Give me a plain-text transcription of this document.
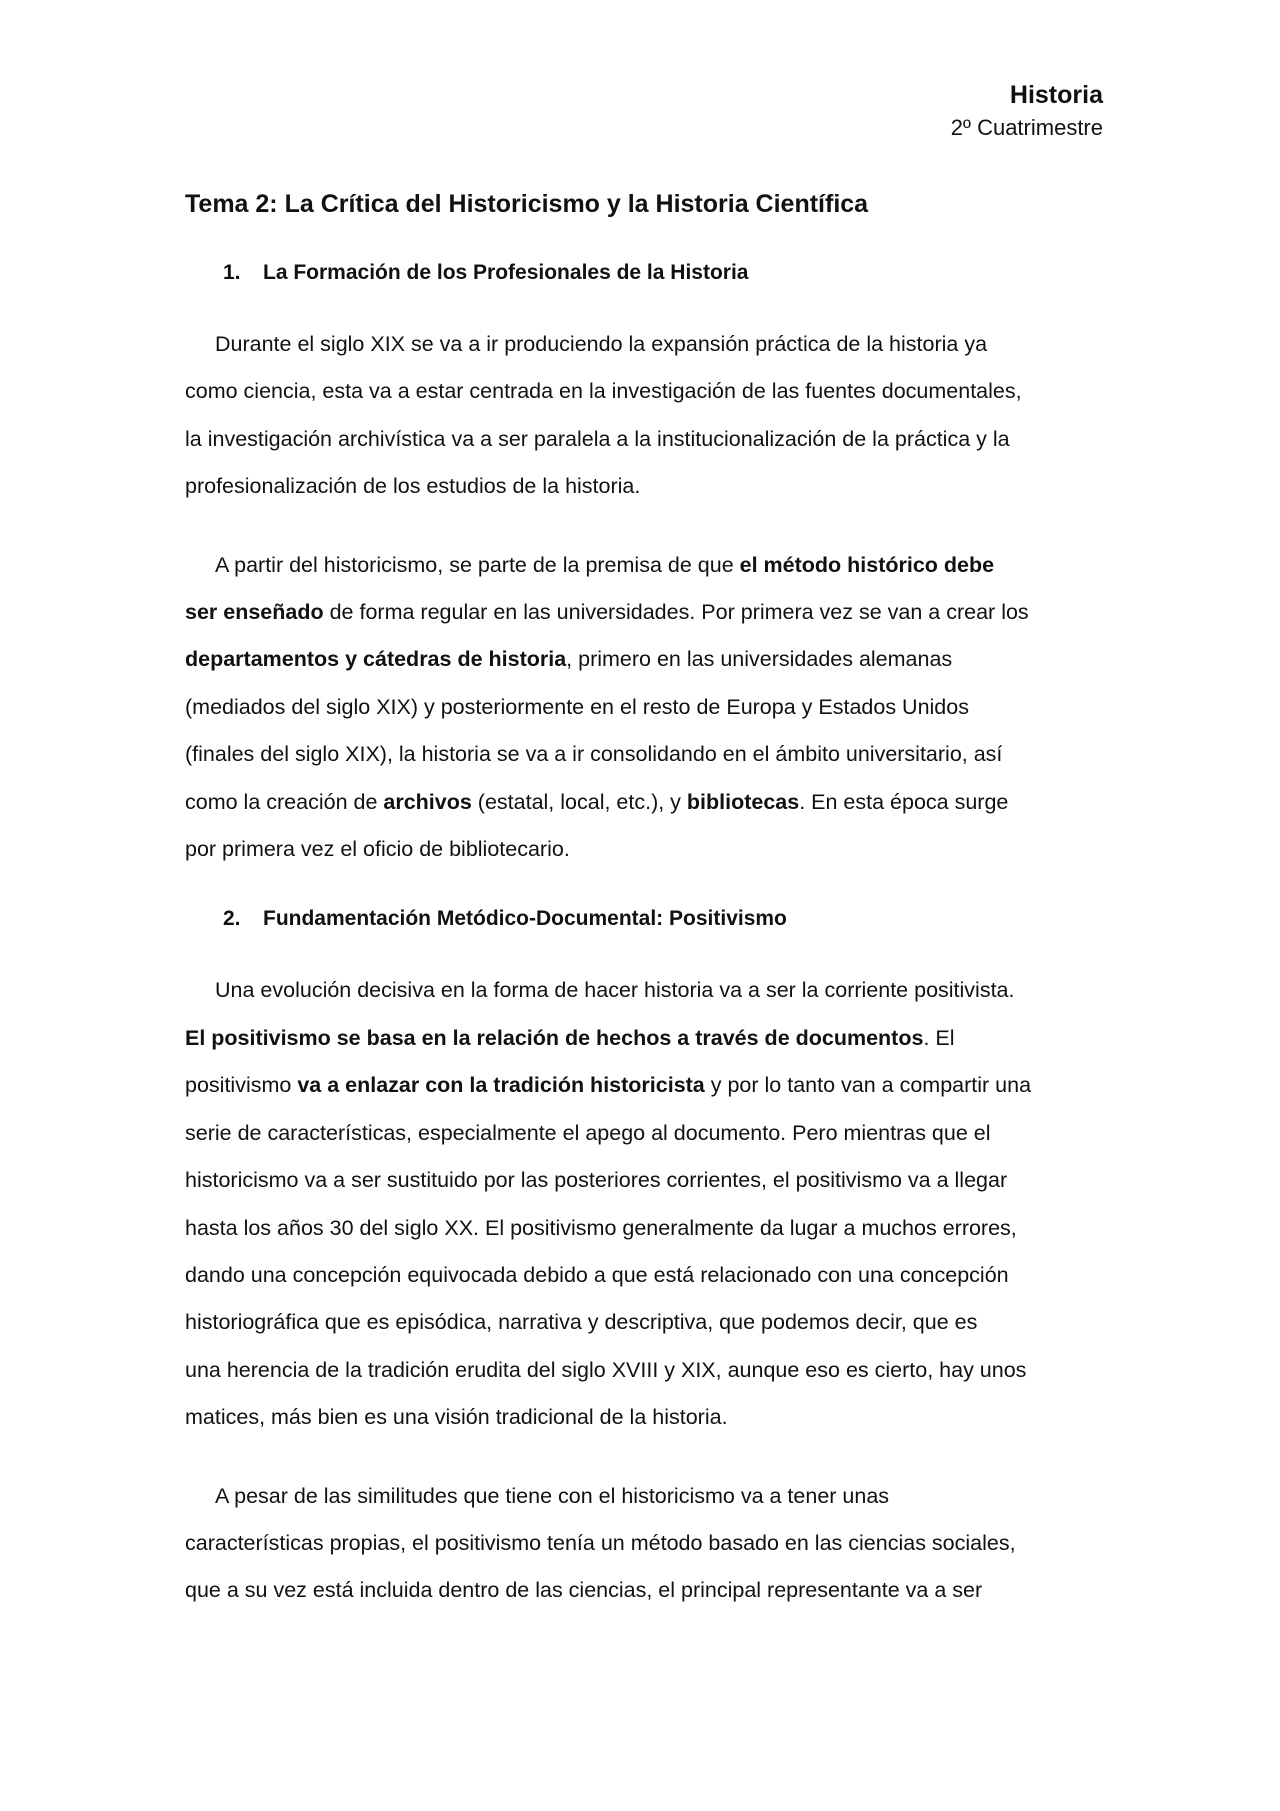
Historia
2º Cuatrimestre
Tema 2: La Crítica del Historicismo y la Historia Científica
1. La Formación de los Profesionales de la Historia
Durante el siglo XIX se va a ir produciendo la expansión práctica de la historia ya
como ciencia, esta va a estar centrada en la investigación de las fuentes documentales,
la investigación archivística va a ser paralela a la institucionalización de la práctica y la
profesionalización de los estudios de la historia.
A partir del historicismo, se parte de la premisa de que el método histórico debe
ser enseñado de forma regular en las universidades. Por primera vez se van a crear los
departamentos y cátedras de historia, primero en las universidades alemanas
(mediados del siglo XIX) y posteriormente en el resto de Europa y Estados Unidos
(finales del siglo XIX), la historia se va a ir consolidando en el ámbito universitario, así
como la creación de archivos (estatal, local, etc.), y bibliotecas. En esta época surge
por primera vez el oficio de bibliotecario.
2. Fundamentación Metódico-Documental: Positivismo
Una evolución decisiva en la forma de hacer historia va a ser la corriente positivista.
El positivismo se basa en la relación de hechos a través de documentos. El
positivismo va a enlazar con la tradición historicista y por lo tanto van a compartir una
serie de características, especialmente el apego al documento. Pero mientras que el
historicismo va a ser sustituido por las posteriores corrientes, el positivismo va a llegar
hasta los años 30 del siglo XX. El positivismo generalmente da lugar a muchos errores,
dando una concepción equivocada debido a que está relacionado con una concepción
historiográfica que es episódica, narrativa y descriptiva, que podemos decir, que es
una herencia de la tradición erudita del siglo XVIII y XIX, aunque eso es cierto, hay unos
matices, más bien es una visión tradicional de la historia.
A pesar de las similitudes que tiene con el historicismo va a tener unas
características propias, el positivismo tenía un método basado en las ciencias sociales,
que a su vez está incluida dentro de las ciencias, el principal representante va a ser
